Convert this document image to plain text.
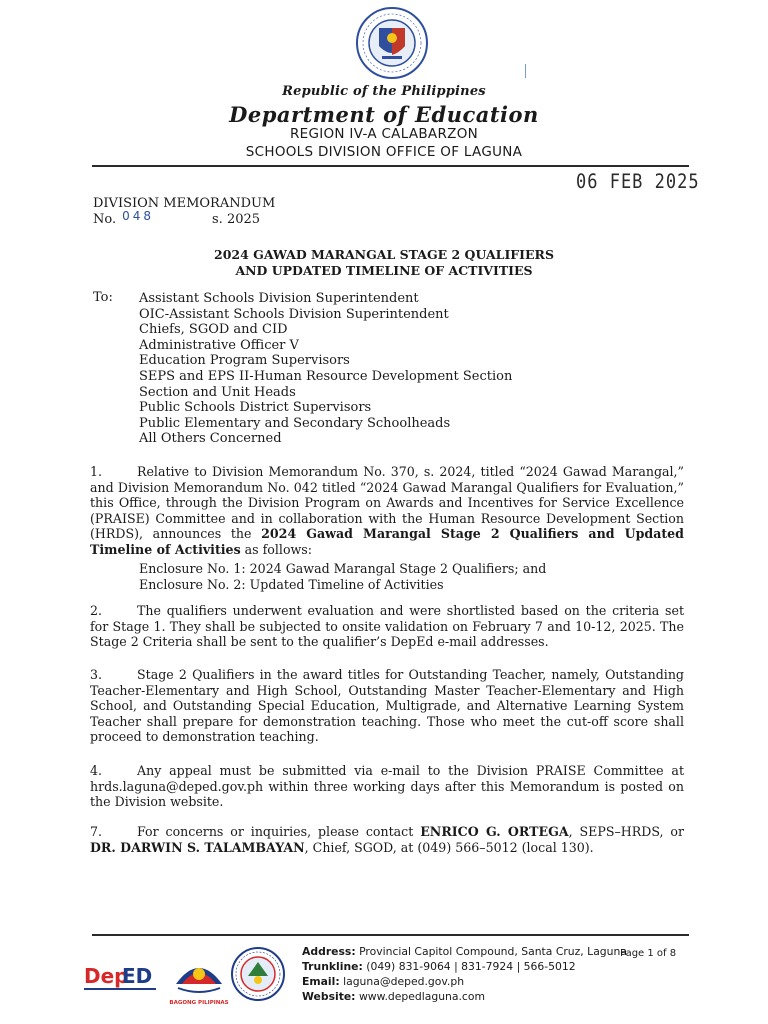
Republic of the Philippines
Department of Education
REGION IV-A CALABARZON
SCHOOLS DIVISION OFFICE OF LAGUNA
06 FEB 2025
DIVISION MEMORANDUM
No. 048	s. 2025
2024 GAWAD MARANGAL STAGE 2 QUALIFIERS
AND UPDATED TIMELINE OF ACTIVITIES
To: Assistant Schools Division Superintendent
OIC-Assistant Schools Division Superintendent
Chiefs, SGOD and CID
Administrative Officer V
Education Program Supervisors
SEPS and EPS II-Human Resource Development Section
Section and Unit Heads
Public Schools District Supervisors
Public Elementary and Secondary Schoolheads
All Others Concerned
1.	Relative to Division Memorandum No. 370, s. 2024, titled “2024 Gawad Marangal,” and Division Memorandum No. 042 titled “2024 Gawad Marangal Qualifiers for Evaluation,” this Office, through the Division Program on Awards and Incentives for Service Excellence (PRAISE) Committee and in collaboration with the Human Resource Development Section (HRDS), announces the 2024 Gawad Marangal Stage 2 Qualifiers and Updated Timeline of Activities as follows:
Enclosure No. 1: 2024 Gawad Marangal Stage 2 Qualifiers; and
Enclosure No. 2: Updated Timeline of Activities
2.	The qualifiers underwent evaluation and were shortlisted based on the criteria set for Stage 1. They shall be subjected to onsite validation on February 7 and 10-12, 2025. The Stage 2 Criteria shall be sent to the qualifier’s DepEd e-mail addresses.
3.	Stage 2 Qualifiers in the award titles for Outstanding Teacher, namely, Outstanding Teacher-Elementary and High School, Outstanding Master Teacher-Elementary and High School, and Outstanding Special Education, Multigrade, and Alternative Learning System Teacher shall prepare for demonstration teaching. Those who meet the cut-off score shall proceed to demonstration teaching.
4.	Any appeal must be submitted via e-mail to the Division PRAISE Committee at hrds.laguna@deped.gov.ph within three working days after this Memorandum is posted on the Division website.
7.	For concerns or inquiries, please contact ENRICO G. ORTEGA, SEPS–HRDS, or DR. DARWIN S. TALAMBAYAN, Chief, SGOD, at (049) 566–5012 (local 130).
Dep
ED
BAGONG PILIPINAS
Address: Provincial Capitol Compound, Santa Cruz, Laguna
Trunkline: (049) 831-9064 | 831-7924 | 566-5012
Email: laguna@deped.gov.ph
Website: www.depedlaguna.com
Page 1 of 8
